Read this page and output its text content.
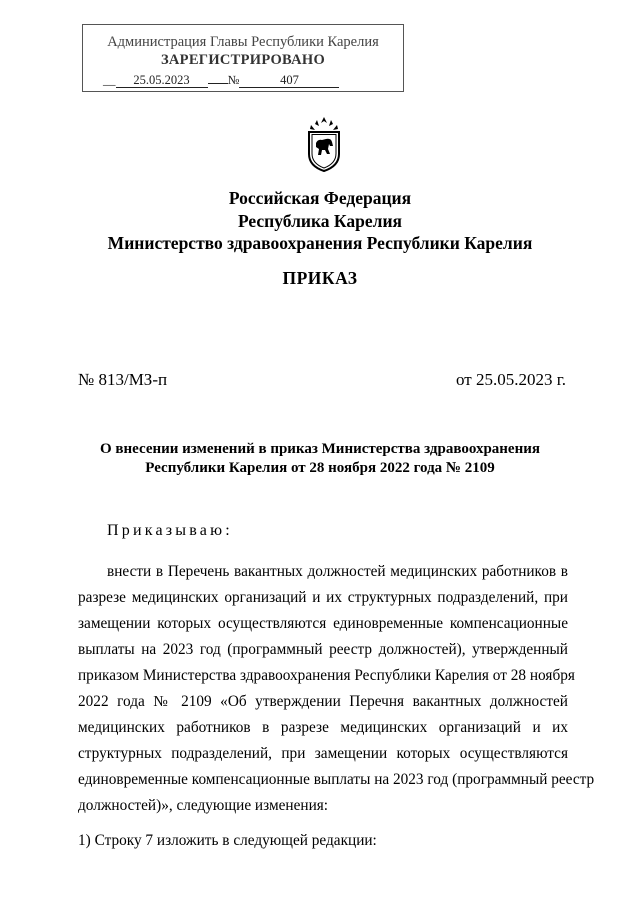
Администрация Главы Республики Карелия
ЗАРЕГИСТРИРОВАНО
__ 25.05.2023	№	407
Российская Федерация
Республика Карелия
Министерство здравоохранения Республики Карелия
ПРИКАЗ
№ 813/МЗ-п	от 25.05.2023 г.
О внесении изменений в приказ Министерства здравоохранения
Республики Карелия от 28 ноября 2022 года № 2109
Приказываю:
внести в Перечень вакантных должностей медицинских работников в
разрезе медицинских организаций и их структурных подразделений, при
замещении которых осуществляются единовременные компенсационные
выплаты на 2023 год (программный реестр должностей), утвержденный
приказом Министерства здравоохранения Республики Карелия от 28 ноября
2022 года № 2109 «Об утверждении Перечня вакантных должностей
медицинских работников в разрезе медицинских организаций и их
структурных подразделений, при замещении которых осуществляются
единовременные компенсационные выплаты на 2023 год (программный реестр
должностей)», следующие изменения:
1) Строку 7 изложить в следующей редакции:
